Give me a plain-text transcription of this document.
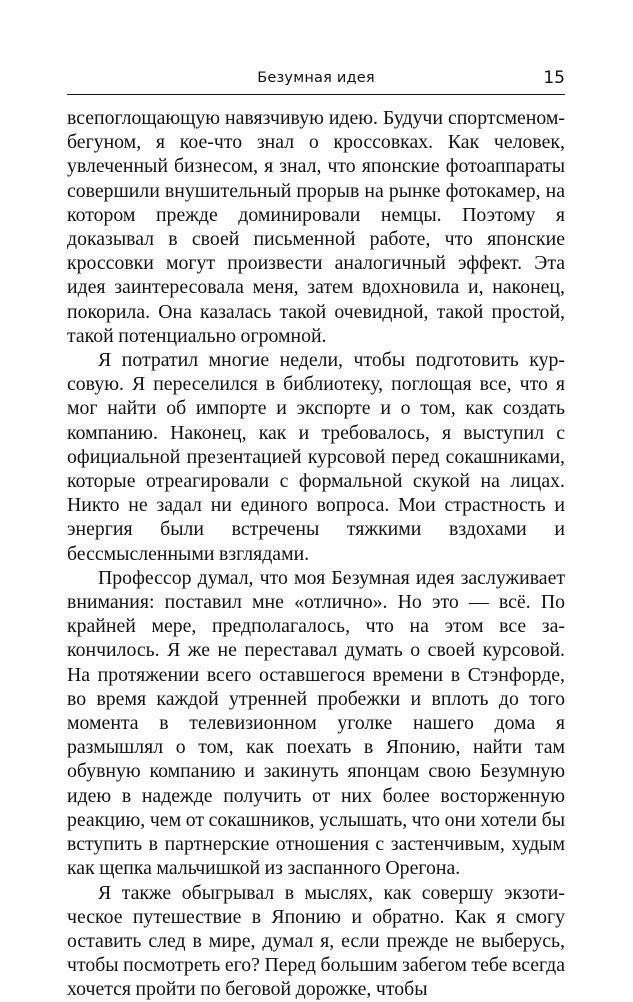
Безумная идея	15

всепоглощающую навязчивую идею. Будучи спортсменом-бегуном, я кое-что знал о кроссовках. Как человек, увлеченный бизнесом, я знал, что японские фотоаппараты совершили внушительный прорыв на рынке фотокамер, на котором прежде доминировали немцы. Поэтому я доказывал в своей письменной работе, что японские кроссовки могут произвести аналогичный эффект. Эта идея заинтересовала меня, затем вдохновила и, наконец, покорила. Она казалась такой очевидной, такой простой, такой потенциально огромной.

Я потратил многие недели, чтобы подготовить курсовую. Я переселился в библиотеку, поглощая все, что я мог найти об импорте и экспорте и о том, как создать компанию. Наконец, как и требовалось, я выступил с официальной презентацией курсовой перед сокашниками, которые отреагировали с формальной скукой на лицах. Никто не задал ни единого вопроса. Мои страстность и энергия были встречены тяжкими вздохами и бессмысленными взглядами.

Профессор думал, что моя Безумная идея заслуживает внимания: поставил мне «отлично». Но это — всё. По крайней мере, предполагалось, что на этом все закончилось. Я же не переставал думать о своей курсовой. На протяжении всего оставшегося времени в Стэнфорде, во время каждой утренней пробежки и вплоть до того момента в телевизионном уголке нашего дома я размышлял о том, как поехать в Японию, найти там обувную компанию и закинуть японцам свою Безумную идею в надежде получить от них более восторженную реакцию, чем от сокашников, услышать, что они хотели бы вступить в партнерские отношения с застенчивым, худым как щепка мальчишкой из заспанного Орегона.

Я также обыгрывал в мыслях, как совершу экзотическое путешествие в Японию и обратно. Как я смогу оставить след в мире, думал я, если прежде не выберусь, чтобы посмотреть его? Перед большим забегом тебе всегда хочется пройти по беговой дорожке, чтобы
